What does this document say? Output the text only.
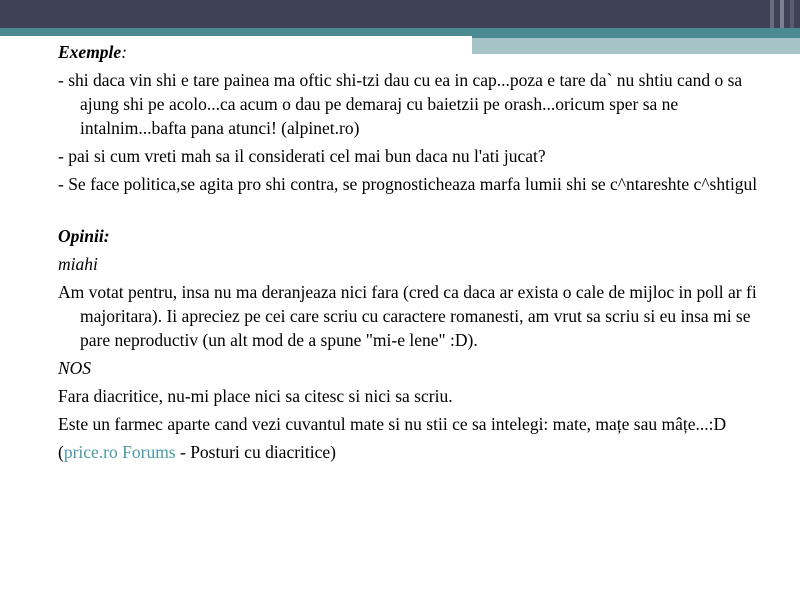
Exemple:

- shi daca vin shi e tare painea ma oftic shi-tzi dau cu ea in cap...poza e tare da` nu shtiu cand o sa ajung shi pe acolo...ca acum o dau pe demaraj cu baietzii pe orash...oricum sper sa ne intalnim...bafta pana atunci! (alpinet.ro)

- pai si cum vreti mah sa il considerati cel mai bun daca nu l'ati jucat?

- Se face politica,se agita pro shi contra, se prognosticheaza marfa lumii shi se c^ntareshte c^shtigul

Opinii:

miahi

Am votat pentru, insa nu ma deranjeaza nici fara (cred ca daca ar exista o cale de mijloc in poll ar fi majoritara). Ii apreciez pe cei care scriu cu caractere romanesti, am vrut sa scriu si eu insa mi se pare neproductiv (un alt mod de a spune "mi-e lene" :D).

NOS

Fara diacritice, nu-mi place nici sa citesc si nici sa scriu.

Este un farmec aparte cand vezi cuvantul mate si nu stii ce sa intelegi: mate, mațe sau mâțe...:D

(price.ro Forums - Posturi cu diacritice)
